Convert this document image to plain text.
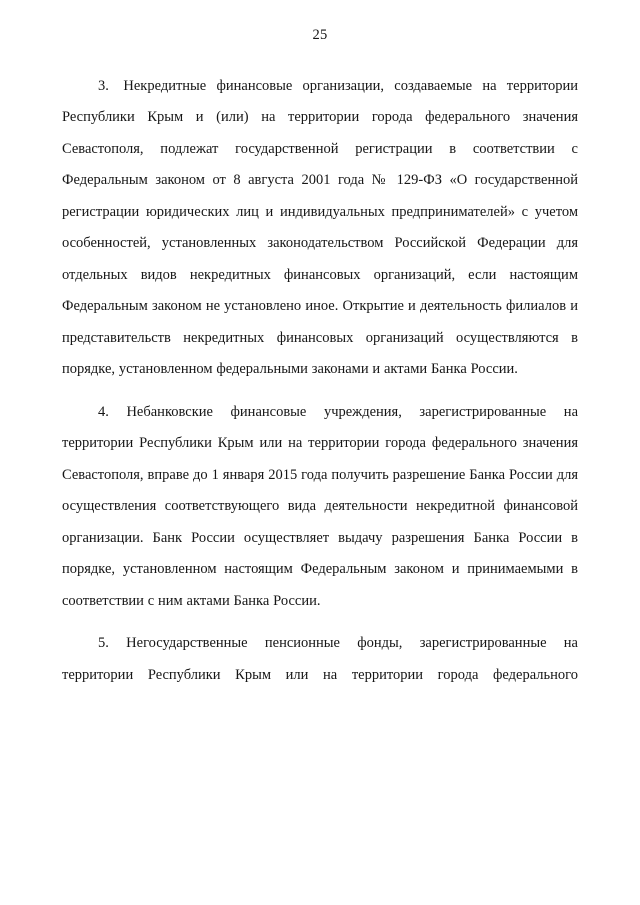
25

3. Некредитные финансовые организации, создаваемые на территории Республики Крым и (или) на территории города федерального значения Севастополя, подлежат государственной регистрации в соответствии с Федеральным законом от 8 августа 2001 года № 129-ФЗ «О государственной регистрации юридических лиц и индивидуальных предпринимателей» с учетом особенностей, установленных законодательством Российской Федерации для отдельных видов некредитных финансовых организаций, если настоящим Федеральным законом не установлено иное. Открытие и деятельность филиалов и представительств некредитных финансовых организаций осуществляются в порядке, установленном федеральными законами и актами Банка России.

4. Небанковские финансовые учреждения, зарегистрированные на территории Республики Крым или на территории города федерального значения Севастополя, вправе до 1 января 2015 года получить разрешение Банка России для осуществления соответствующего вида деятельности некредитной финансовой организации. Банк России осуществляет выдачу разрешения Банка России в порядке, установленном настоящим Федеральным законом и принимаемыми в соответствии с ним актами Банка России.

5. Негосударственные пенсионные фонды, зарегистрированные на территории Республики Крым или на территории города федерального
